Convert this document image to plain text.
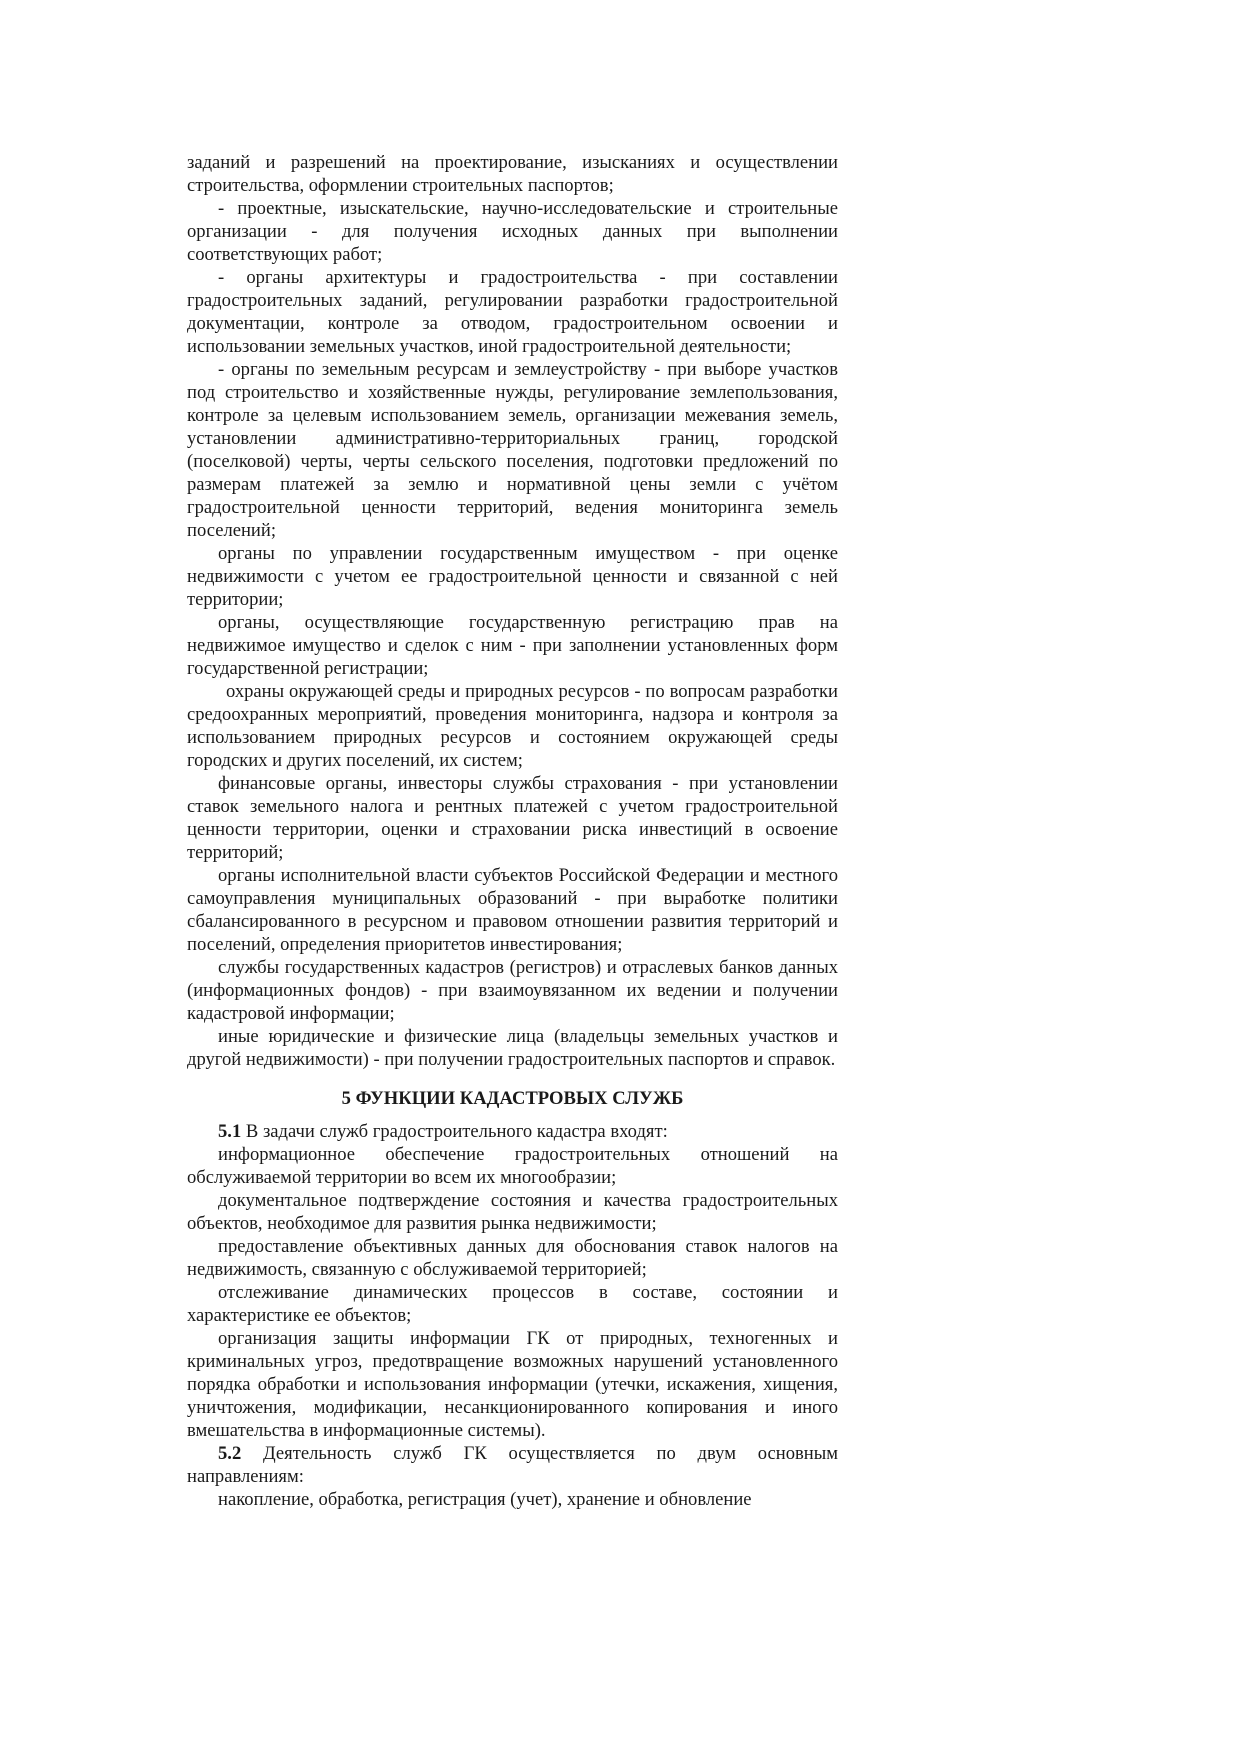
заданий и разрешений на проектирование, изысканиях и осуществлении строительства, оформлении строительных паспортов;

- проектные, изыскательские, научно-исследовательские и строительные организации - для получения исходных данных при выполнении соответствующих работ;

- органы архитектуры и градостроительства - при составлении градостроительных заданий, регулировании разработки градостроительной документации, контроле за отводом, градостроительном освоении и использовании земельных участков, иной градостроительной деятельности;

- органы по земельным ресурсам и землеустройству - при выборе участков под строительство и хозяйственные нужды, регулирование землепользования, контроле за целевым использованием земель, организации межевания земель, установлении административно-территориальных границ, городской (поселковой) черты, черты сельского поселения, подготовки предложений по размерам платежей за землю и нормативной цены земли с учётом градостроительной ценности территорий, ведения мониторинга земель поселений;

органы по управлении государственным имуществом - при оценке недвижимости с учетом ее градостроительной ценности и связанной с ней территории;

органы, осуществляющие государственную регистрацию прав на недвижимое имущество и сделок с ним - при заполнении установленных форм государственной регистрации;

охраны окружающей среды и природных ресурсов - по вопросам разработки средоохранных мероприятий, проведения мониторинга, надзора и контроля за использованием природных ресурсов и состоянием окружающей среды городских и других поселений, их систем;

финансовые органы, инвесторы службы страхования - при установлении ставок земельного налога и рентных платежей с учетом градостроительной ценности территории, оценки и страховании риска инвестиций в освоение территорий;

органы исполнительной власти субъектов Российской Федерации и местного самоуправления муниципальных образований - при выработке политики сбалансированного в ресурсном и правовом отношении развития территорий и поселений, определения приоритетов инвестирования;

службы государственных кадастров (регистров) и отраслевых банков данных (информационных фондов) - при взаимоувязанном их ведении и получении кадастровой информации;

иные юридические и физические лица (владельцы земельных участков и другой недвижимости) - при получении градостроительных паспортов и справок.

5 ФУНКЦИИ КАДАСТРОВЫХ СЛУЖБ

5.1 В задачи служб градостроительного кадастра входят:

информационное обеспечение градостроительных отношений на обслуживаемой территории во всем их многообразии;

документальное подтверждение состояния и качества градостроительных объектов, необходимое для развития рынка недвижимости;

предоставление объективных данных для обоснования ставок налогов на недвижимость, связанную с обслуживаемой территорией;

отслеживание динамических процессов в составе, состоянии и характеристике ее объектов;

организация защиты информации ГК от природных, техногенных и криминальных угроз, предотвращение возможных нарушений установленного порядка обработки и использования информации (утечки, искажения, хищения, уничтожения, модификации, несанкционированного копирования и иного вмешательства в информационные системы).

5.2 Деятельность служб ГК осуществляется по двум основным направлениям:

накопление, обработка, регистрация (учет), хранение и обновление
